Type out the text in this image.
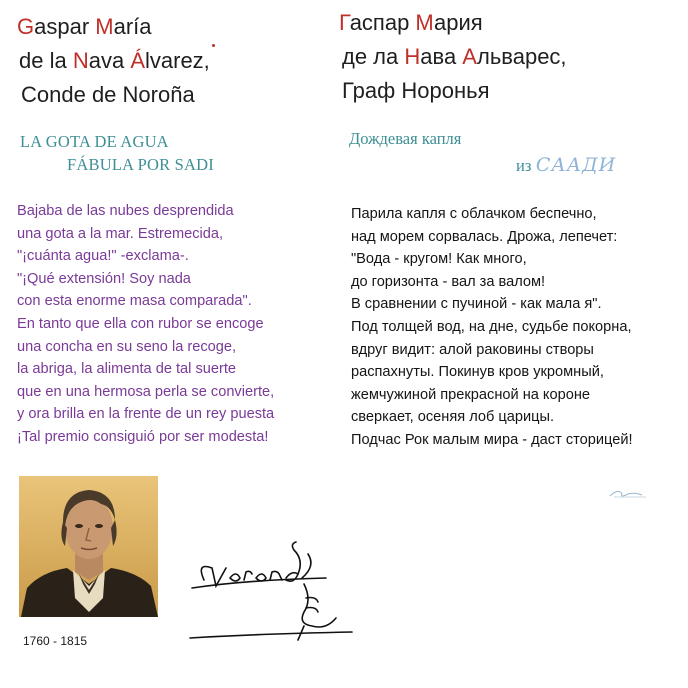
Gaspar María
de la Nava Álvarez,
Conde de Noroña
Гаспар Мария
де ла Нава Альварес,
Граф Норонья
LA GOTA DE AGUA
FÁBULA POR SADI
Дождевая капля
из СААДИ
Bajaba de las nubes desprendida
una gota a la mar. Estremecida,
"¡cuánta agua!" -exclama-.
"¡Qué extensión! Soy nada
con esta enorme masa comparada".
En tanto que ella con rubor se encoge
una concha en su seno la recoge,
la abriga, la alimenta de tal suerte
que en una hermosa perla se convierte,
y ora brilla en la frente de un rey puesta
¡Tal premio consiguió por ser modesta!
Парила капля с облачком беспечно,
над морем сорвалась. Дрожа, лепечет:
"Вода - кругом! Как много,
до горизонта - вал за валом!
В сравнении с пучиной - как мала я".
Под толщей вод, на дне, судьбе покорна,
вдруг видит: алой раковины створы
распахнуты. Покинув кров укромный,
жемчужиной прекрасной на короне
сверкает, осеняя лоб царицы.
Подчас Рок малым мира - даст сторицей!
1760 - 1815
